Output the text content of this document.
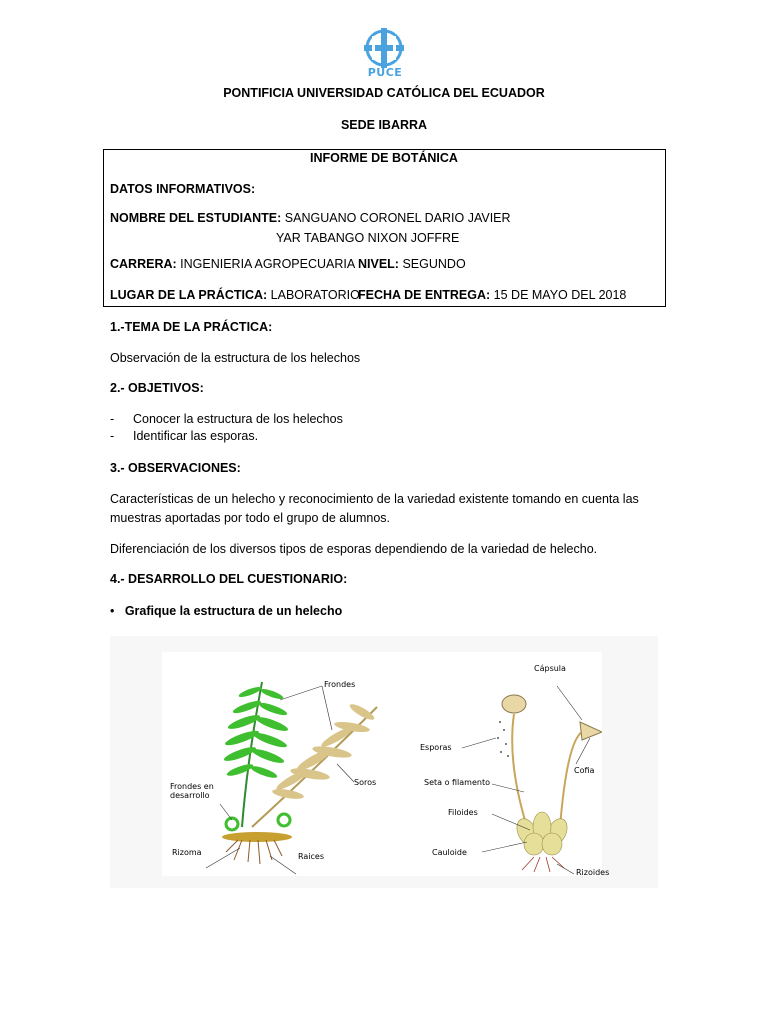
PUCE
PONTIFICIA UNIVERSIDAD CATÓLICA DEL ECUADOR
SEDE IBARRA
INFORME DE BOTÁNICA
DATOS INFORMATIVOS:
NOMBRE DEL ESTUDIANTE: SANGUANO CORONEL DARIO JAVIER
YAR TABANGO NIXON JOFFRE
CARRERA: INGENIERIA AGROPECUARIA NIVEL: SEGUNDO
LUGAR DE LA PRÁCTICA: LABORATORIO
FECHA DE ENTREGA: 15 DE MAYO DEL 2018
1.-TEMA DE LA PRÁCTICA:
Observación de la estructura de los helechos
2.- OBJETIVOS:
- Conocer la estructura de los helechos
- Identificar las esporas.
3.- OBSERVACIONES:
Características de un helecho y reconocimiento de la variedad existente tomando en cuenta las
muestras aportadas por todo el grupo de alumnos.
Diferenciación de los diversos tipos de esporas dependiendo de la variedad de helecho.
4.- DESARROLLO DEL CUESTIONARIO:
•   Grafique la estructura de un helecho
Frondes
Soros
Frondes en
desarrollo
Rizoma	Raices
Cápsula
Esporas
Cofia
Seta o filamento
Filoides
Cauloide
Rizoides
